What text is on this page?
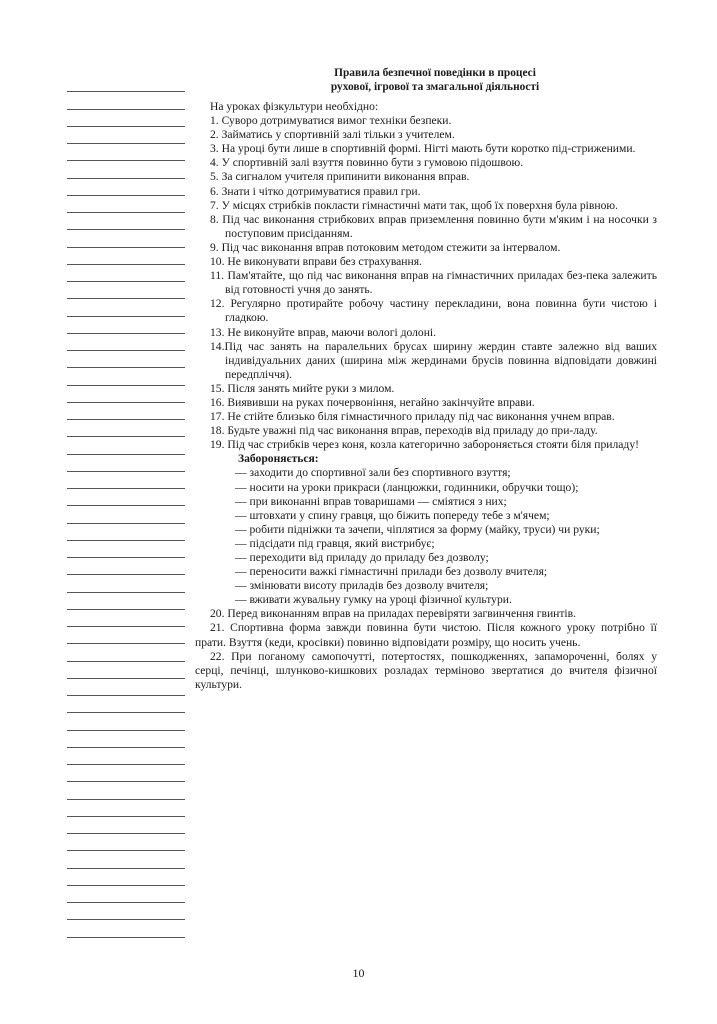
Правила безпечної поведінки в процесі
рухової, ігрової та змагальної діяльності
На уроках фізкультури необхідно:
1. Суворо дотримуватися вимог техніки безпеки.
2. Займатись у спортивній залі тільки з учителем.
3. На уроці бути лише в спортивній формі. Нігті мають бути коротко під-стриженими.
4. У спортивній залі взуття повинно бути з гумовою підошвою.
5. За сигналом учителя припинити виконання вправ.
6. Знати і чітко дотримуватися правил гри.
7. У місцях стрибків покласти гімнастичні мати так, щоб їх поверхня була рівною.
8. Під час виконання стрибкових вправ приземлення повинно бути м'яким і на носочки з поступовим присіданням.
9. Під час виконання вправ потоковим методом стежити за інтервалом.
10. Не виконувати вправи без страхування.
11. Пам'ятайте, що під час виконання вправ на гімнастичних приладах без-пека залежить від готовності учня до занять.
12. Регулярно протирайте робочу частину перекладини, вона повинна бути чистою і гладкою.
13. Не виконуйте вправ, маючи вологі долоні.
14.Під час занять на паралельних брусах ширину жердин ставте залежно від ваших індивідуальних даних (ширина між жердинами брусів повинна відповідати довжині передпліччя).
15. Після занять мийте руки з милом.
16. Виявивши на руках почервоніння, негайно закінчуйте вправи.
17. Не стійте близько біля гімнастичного приладу під час виконання учнем вправ.
18. Будьте уважні під час виконання вправ, переходів від приладу до при-ладу.
19. Під час стрибків через коня, козла категорично забороняється стояти біля приладу!
Забороняється:
— заходити до спортивної зали без спортивного взуття;
— носити на уроки прикраси (ланцюжки, годинники, обручки тощо);
— при виконанні вправ товаришами — сміятися з них;
— штовхати у спину гравця, що біжить попереду тебе з м'ячем;
— робити підніжки та зачепи, чіплятися за форму (майку, труси) чи руки;
— підсідати під гравця, який вистрибує;
— переходити від приладу до приладу без дозволу;
— переносити важкі гімнастичні прилади без дозволу вчителя;
— змінювати висоту приладів без дозволу вчителя;
— вживати жувальну гумку на уроці фізичної культури.
20. Перед виконанням вправ на приладах перевіряти загвинчення гвинтів.
21. Спортивна форма завжди повинна бути чистою. Після кожного уроку потрібно її прати. Взуття (кеди, кросівки) повинно відповідати розміру, що носить учень.
22. При поганому самопочутті, потертостях, пошкодженнях, запамороченні, болях у серці, печінці, шлунково-кишкових розладах терміново звертатися до вчителя фізичної культури.
10
